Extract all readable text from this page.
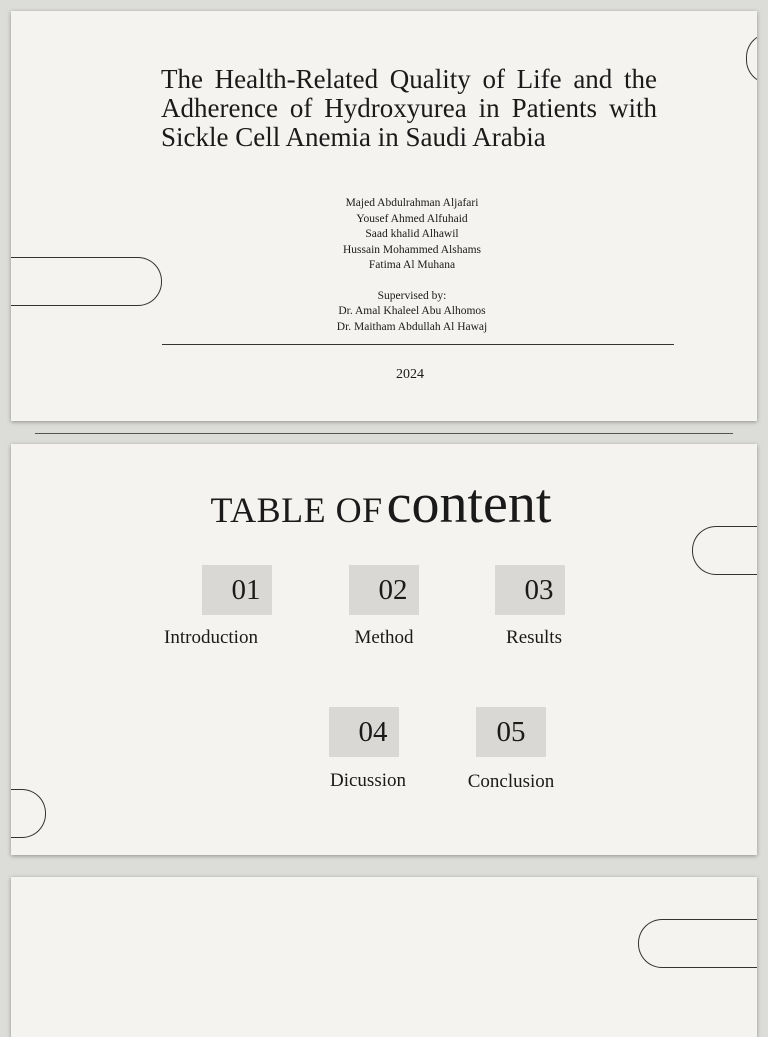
The Health-Related Quality of Life and the Adherence of Hydroxyurea in Patients with Sickle Cell Anemia in Saudi Arabia
Majed Abdulrahman Aljafari
Yousef Ahmed Alfuhaid
Saad khalid Alhawil
Hussain Mohammed Alshams
Fatima Al Muhana
Supervised by:
Dr. Amal Khaleel Abu Alhomos
Dr. Maitham Abdullah Al Hawaj
2024
TABLE OF content
01
Introduction
02
Method
03
Results
04
Dicussion
05
Conclusion
